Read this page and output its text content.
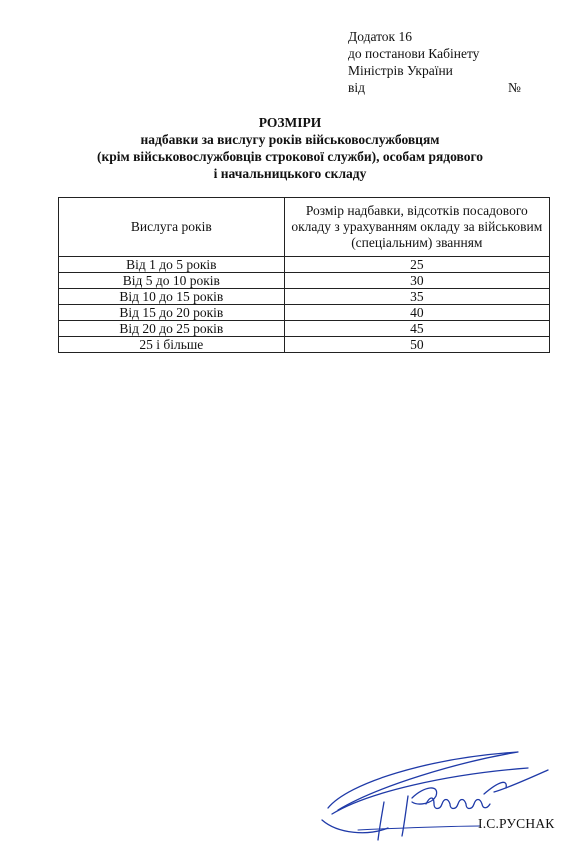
Додаток 16
до постанови Кабінету
Міністрів України
від	№
РОЗМІРИ
надбавки за вислугу років військовослужбовцям
(крім військовослужбовців строкової служби), особам рядового
і начальницького складу
Вислуга років	Розмір надбавки, відсотків посадового окладу з урахуванням окладу за військовим (спеціальним) званням
Від 1 до 5 років	25
Від 5 до 10 років	30
Від 10 до 15 років	35
Від 15 до 20 років	40
Від 20 до 25 років	45
25 і більше	50
І.С.РУСНАК
